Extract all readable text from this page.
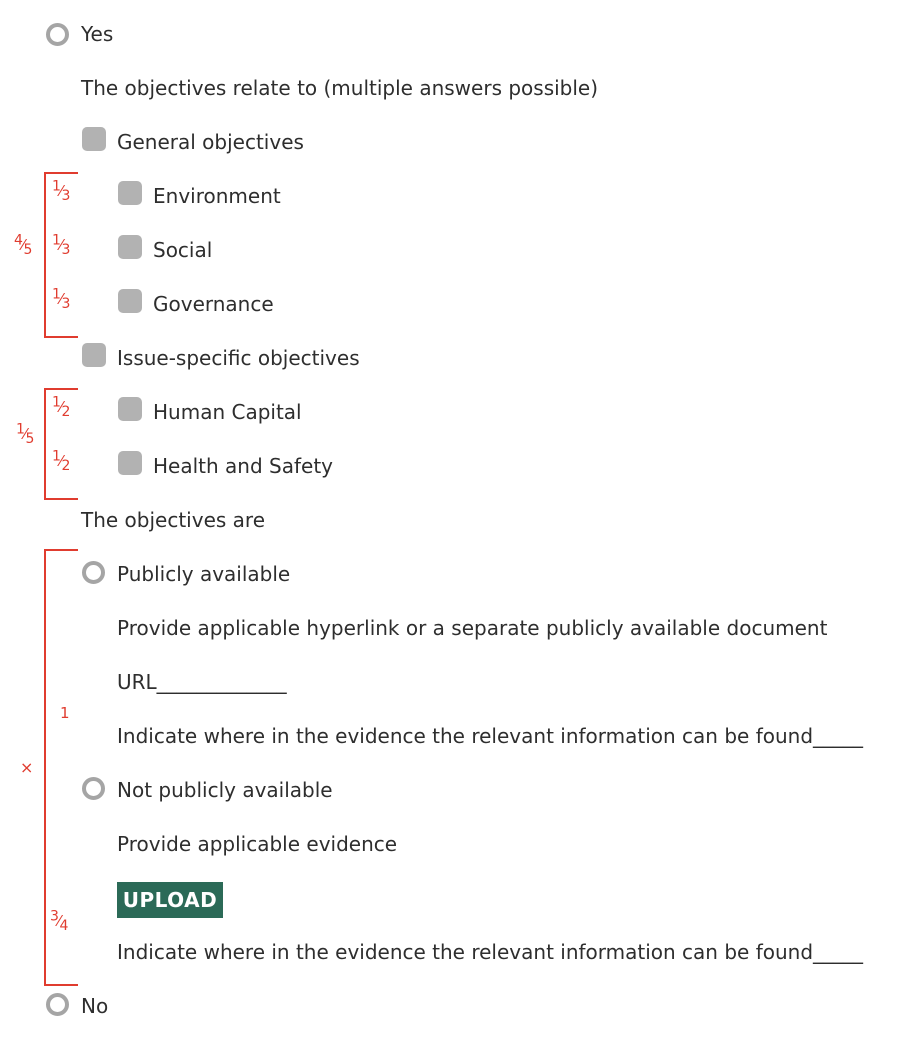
Yes
The objectives relate to (multiple answers possible)
General objectives
Environment
Social
Governance
Issue-specific objectives
Human Capital
Health and Safety
The objectives are
Publicly available
Provide applicable hyperlink or a separate publicly available document
URL_____________
Indicate where in the evidence the relevant information can be found_____
Not publicly available
Provide applicable evidence
UPLOAD
Indicate where in the evidence the relevant information can be found_____
No
$^1⁄_3$
$^1⁄_3$
$^1⁄_3$
$^4⁄_5$
$^1⁄_2$
$^1⁄_2$
$^1⁄_5$
×
1
$^3⁄_4$
